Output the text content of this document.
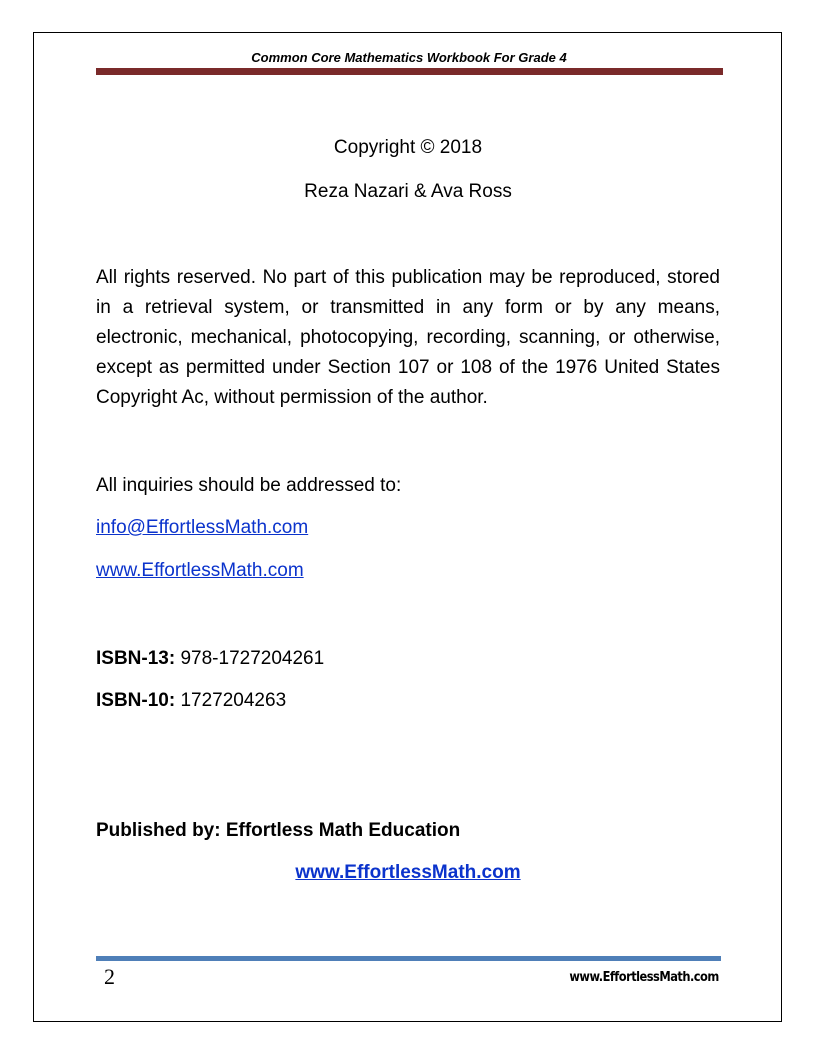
Common Core Mathematics Workbook For Grade 4
Copyright © 2018
Reza Nazari & Ava Ross

All rights reserved. No part of this publication may be reproduced, stored in a retrieval system, or transmitted in any form or by any means, electronic, mechanical, photocopying, recording, scanning, or otherwise, except as permitted under Section 107 or 108 of the 1976 United States Copyright Ac, without permission of the author.

All inquiries should be addressed to:
info@EffortlessMath.com
www.EffortlessMath.com
ISBN-13: 978-1727204261
ISBN-10: 1727204263
Published by: Effortless Math Education
www.EffortlessMath.com
2	www.EffortlessMath.com
